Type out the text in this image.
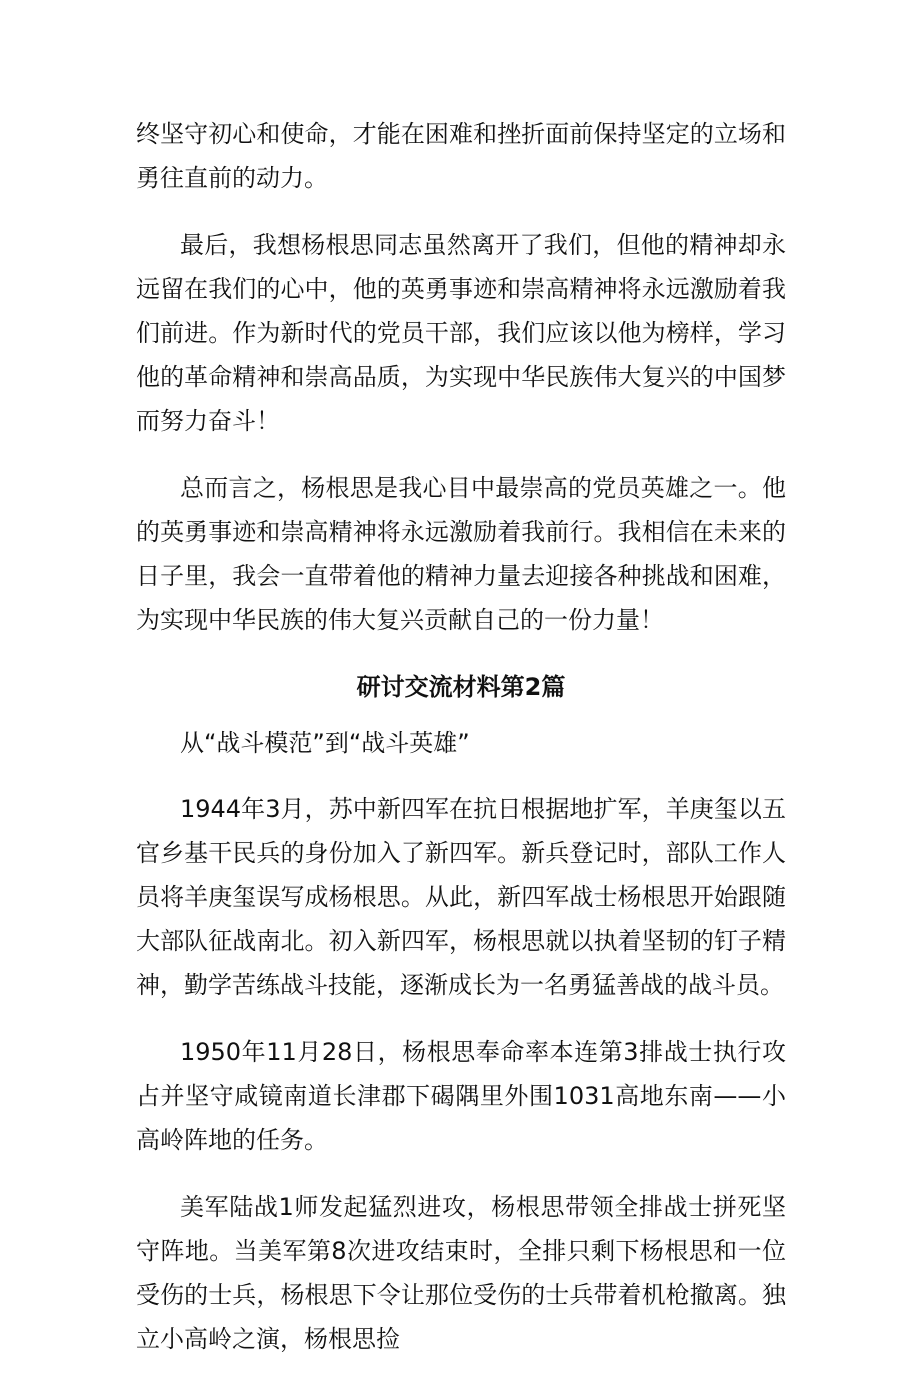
终坚守初心和使命，才能在困难和挫折面前保持坚定的立场和勇往直前的动力。

最后，我想杨根思同志虽然离开了我们，但他的精神却永远留在我们的心中，他的英勇事迹和崇高精神将永远激励着我们前进。作为新时代的党员干部，我们应该以他为榜样，学习他的革命精神和崇高品质，为实现中华民族伟大复兴的中国梦而努力奋斗！

总而言之，杨根思是我心目中最崇高的党员英雄之一。他的英勇事迹和崇高精神将永远激励着我前行。我相信在未来的日子里，我会一直带着他的精神力量去迎接各种挑战和困难，为实现中华民族的伟大复兴贡献自己的一份力量！

研讨交流材料第2篇

从“战斗模范”到“战斗英雄”

1944年3月，苏中新四军在抗日根据地扩军，羊庚玺以五官乡基干民兵的身份加入了新四军。新兵登记时，部队工作人员将羊庚玺误写成杨根思。从此，新四军战士杨根思开始跟随大部队征战南北。初入新四军，杨根思就以执着坚韧的钉子精神，勤学苦练战斗技能，逐渐成长为一名勇猛善战的战斗员。

1950年11月28日，杨根思奉命率本连第3排战士执行攻占并坚守咸镜南道长津郡下碣隅里外围1031高地东南——小高岭阵地的任务。

美军陆战1师发起猛烈进攻，杨根思带领全排战士拼死坚守阵地。当美军第8次进攻结束时，全排只剩下杨根思和一位受伤的士兵，杨根思下令让那位受伤的士兵带着机枪撤离。独立小高岭之演，杨根思捡
